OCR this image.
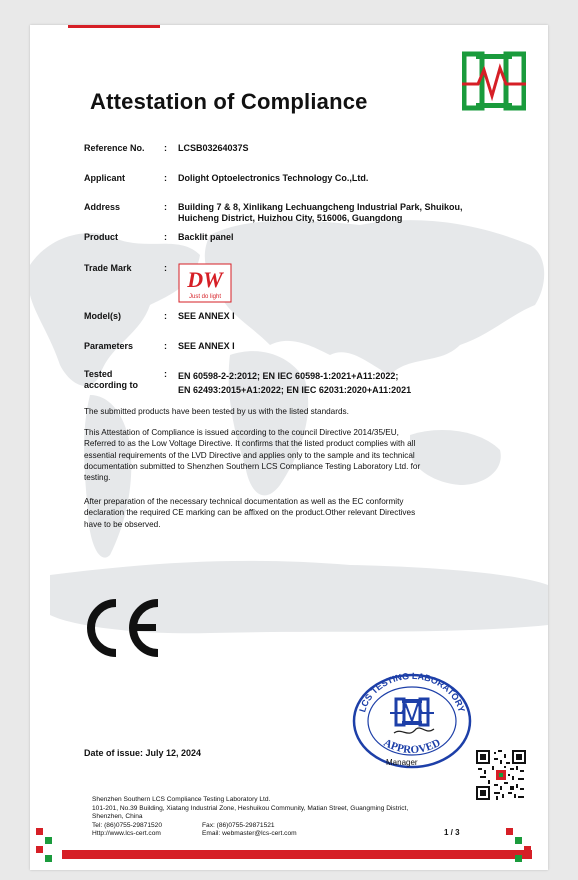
Attestation of Compliance
Reference No. : LCSB03264037S
Applicant	: Dolight Optoelectronics Technology Co.,Ltd.
Address	: Building 7 & 8, Xinlikang Lechuangcheng Industrial Park, Shuikou,
Huicheng District, Huizhou City, 516006, Guangdong
Product	: Backlit panel
Trade Mark	: DW
Just do light
Model(s)	: SEE ANNEX I
Parameters	: SEE ANNEX I
Tested
according to
: EN 60598-2-2:2012; EN IEC 60598-1:2021+A11:2022;
EN 62493:2015+A1:2022; EN IEC 62031:2020+A11:2021
The submitted products have been tested by us with the listed standards.
This Attestation of Compliance is issued according to the council Directive 2014/35/EU,
Referred to as the Low Voltage Directive. It confirms that the listed product complies with all
essential requirements of the LVD Directive and applies only to the sample and its technical
documentation submitted to Shenzhen Southern LCS Compliance Testing Laboratory Ltd. for
testing.
After preparation of the necessary technical documentation as well as the EC conformity
declaration the required CE marking can be affixed on the product.Other relevant Directives
have to be observed.
LCS TESTING LABORATORY
APPROVED
Manager
Date of issue: July 12, 2024
Shenzhen Southern LCS Compliance Testing Laboratory Ltd.
101-201, No.39 Building, Xiatang Industrial Zone, Heshuikou Community, Matian Street, Guangming District,
Shenzhen, China
Tel: (86)0755-29871520	Fax: (86)0755-29871521
Http://www.lcs-cert.com	Email: webmaster@lcs-cert.com	1 / 3
